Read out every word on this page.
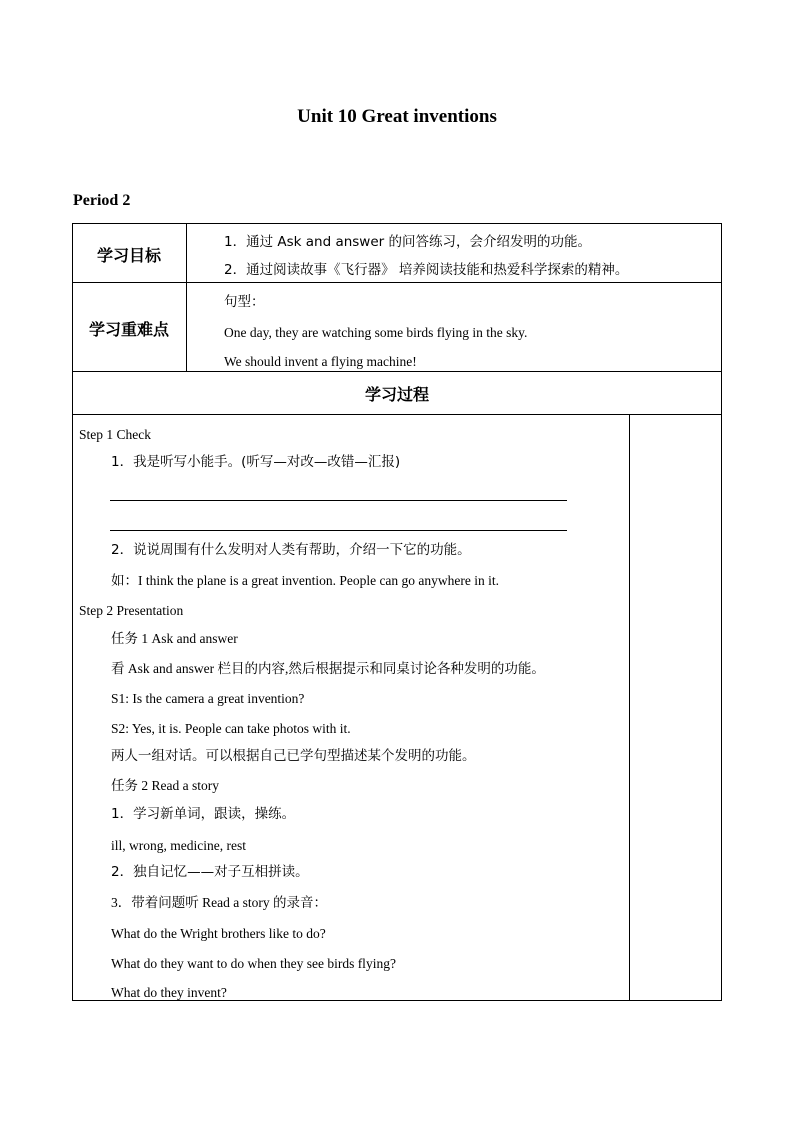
Unit 10 Great inventions
Period 2
学习目标
1．通过 Ask and answer 的问答练习，会介绍发明的功能。
2．通过阅读故事《飞行器》 培养阅读技能和热爱科学探索的精神。
学习重难点
句型：
One day, they are watching some birds flying in the sky.
We should invent a flying machine!
学习过程
Step 1 Check
1．我是听写小能手。(听写—对改—改错—汇报)
2．说说周围有什么发明对人类有帮助，介绍一下它的功能。
如：I think the plane is a great invention. People can go anywhere in it.
Step 2 Presentation
任务 1 Ask and answer
看 Ask and answer 栏目的内容,然后根据提示和同桌讨论各种发明的功能。
S1: Is the camera a great invention?
S2: Yes, it is. People can take photos with it.
两人一组对话。可以根据自己已学句型描述某个发明的功能。
任务 2 Read a story
1．学习新单词，跟读，操练。
ill, wrong, medicine, rest
2．独自记忆——对子互相拼读。
3．带着问题听 Read a story 的录音：
What do the Wright brothers like to do?
What do they want to do when they see birds flying?
What do they invent?
